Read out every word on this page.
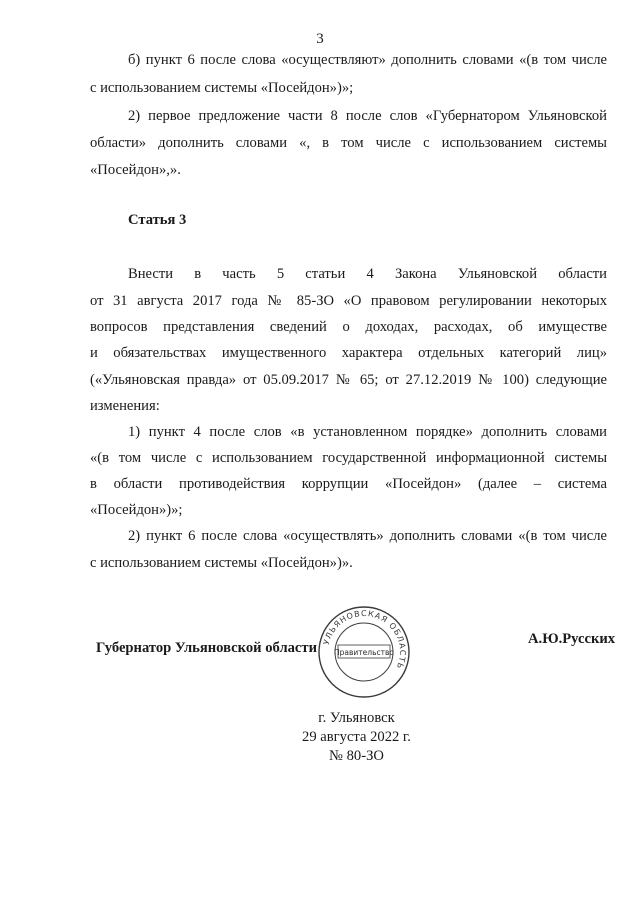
3
б) пункт 6 после слова «осуществляют» дополнить словами «(в том числе
с использованием системы «Посейдон»)»;
2) первое предложение части 8 после слов «Губернатором Ульяновской
области» дополнить словами «, в том числе с использованием системы
«Посейдон»,».
Статья 3
Внести в часть 5 статьи 4 Закона Ульяновской области
от 31 августа 2017 года № 85-ЗО «О правовом регулировании некоторых
вопросов представления сведений о доходах, расходах, об имуществе
и обязательствах имущественного характера отдельных категорий лиц»
(«Ульяновская правда» от 05.09.2017 № 65; от 27.12.2019 № 100) следующие
изменения:
1) пункт 4 после слов «в установленном порядке» дополнить словами
«(в том числе с использованием государственной информационной системы
в области противодействия коррупции «Посейдон» (далее – система
«Посейдон»)»;
2) пункт 6 после слова «осуществлять» дополнить словами «(в том числе
с использованием системы «Посейдон»)».
Губернатор Ульяновской области
А.Ю.Русских
УЛЬЯНОВСКАЯ ОБЛАСТЬ
Правительство
г. Ульяновск
29 августа 2022 г.
№ 80-ЗО
